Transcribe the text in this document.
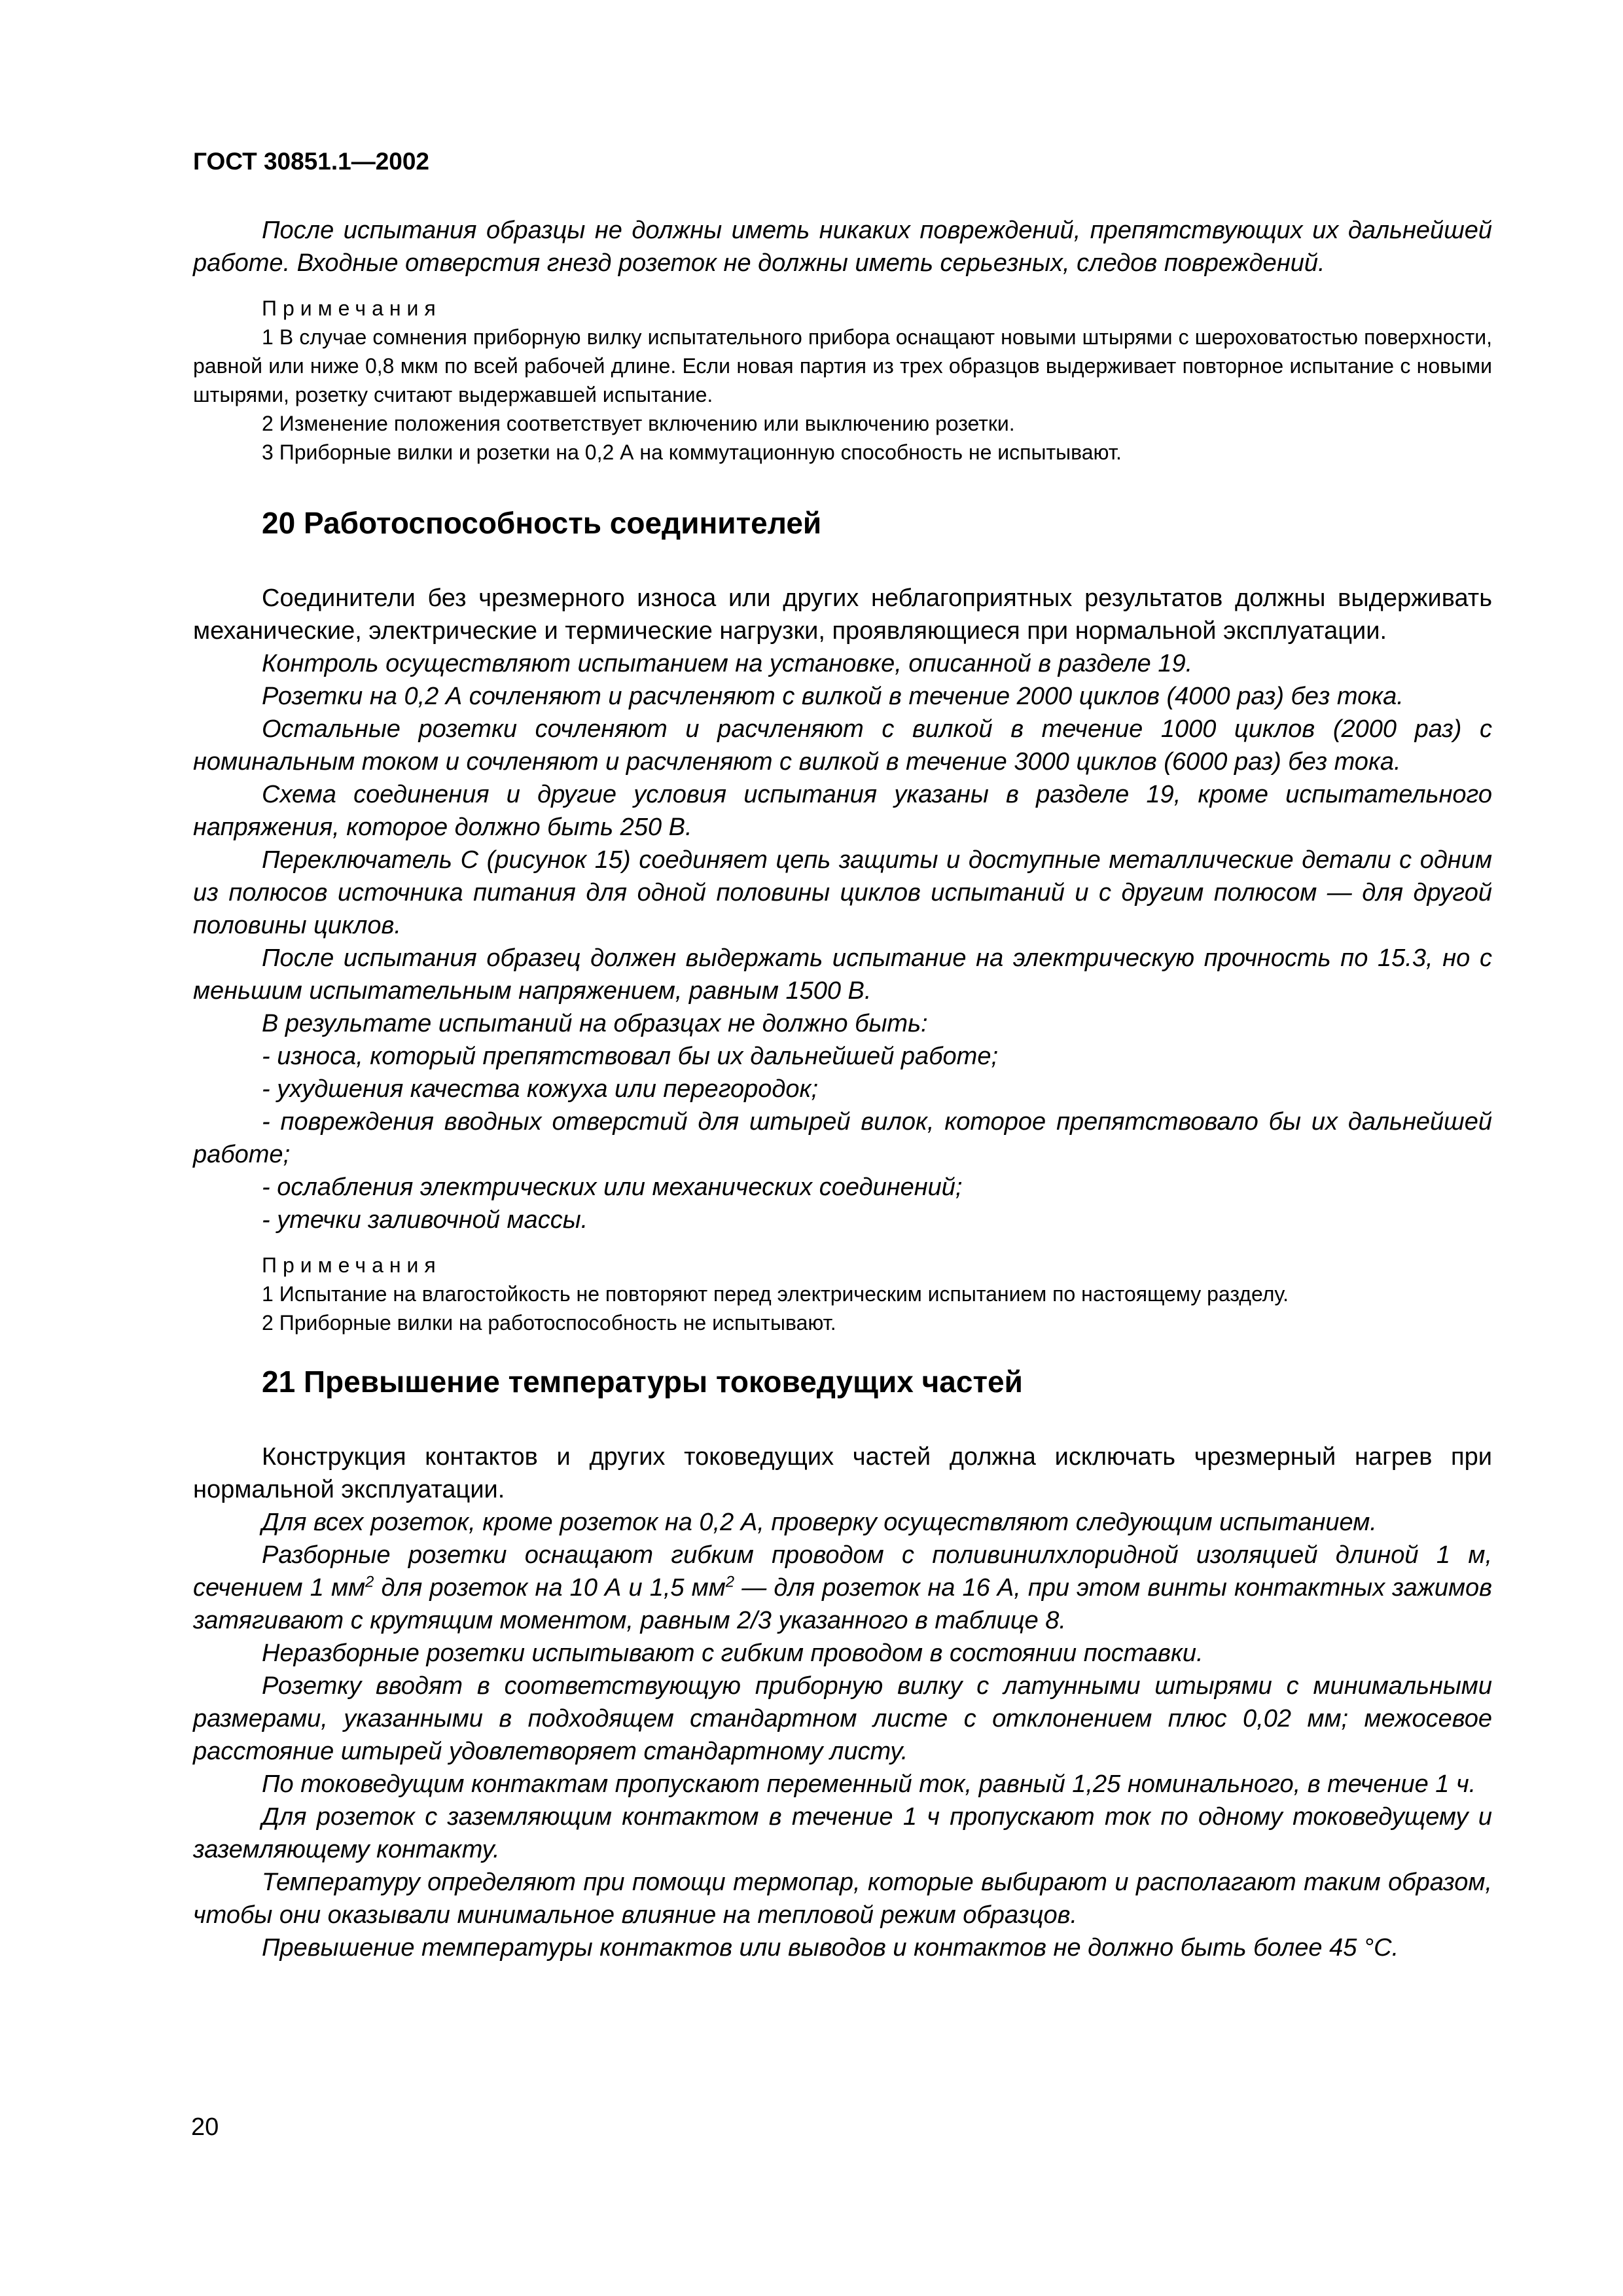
ГОСТ 30851.1—2002

После испытания образцы не должны иметь никаких повреждений, препятствующих их дальнейшей работе. Входные отверстия гнезд розеток не должны иметь серьезных, следов повреждений.

Примечания
1 В случае сомнения приборную вилку испытательного прибора оснащают новыми штырями с шероховатостью поверхности, равной или ниже 0,8 мкм по всей рабочей длине. Если новая партия из трех образцов выдерживает повторное испытание с новыми штырями, розетку считают выдержавшей испытание.
2 Изменение положения соответствует включению или выключению розетки.
3 Приборные вилки и розетки на 0,2 А на коммутационную способность не испытывают.
20 Работоспособность соединителей

Соединители без чрезмерного износа или других неблагоприятных результатов должны выдерживать механические, электрические и термические нагрузки, проявляющиеся при нормальной эксплуатации.

Контроль осуществляют испытанием на установке, описанной в разделе 19.

Розетки на 0,2 А сочленяют и расчленяют с вилкой в течение 2000 циклов (4000 раз) без тока.

Остальные розетки сочленяют и расчленяют с вилкой в течение 1000 циклов (2000 раз) с номинальным током и сочленяют и расчленяют с вилкой в течение 3000 циклов (6000 раз) без тока.

Схема соединения и другие условия испытания указаны в разделе 19, кроме испытательного напряжения, которое должно быть 250 В.

Переключатель С (рисунок 15) соединяет цепь защиты и доступные металлические детали с одним из полюсов источника питания для одной половины циклов испытаний и с другим полюсом — для другой половины циклов.

После испытания образец должен выдержать испытание на электрическую прочность по 15.3, но с меньшим испытательным напряжением, равным 1500 В.

В результате испытаний на образцах не должно быть:

- износа, который препятствовал бы их дальнейшей работе;

- ухудшения качества кожуха или перегородок;

- повреждения вводных отверстий для штырей вилок, которое препятствовало бы их дальнейшей работе;

- ослабления электрических или механических соединений;

- утечки заливочной массы.

Примечания
1 Испытание на влагостойкость не повторяют перед электрическим испытанием по настоящему разделу.
2 Приборные вилки на работоспособность не испытывают.
21 Превышение температуры токоведущих частей

Конструкция контактов и других токоведущих частей должна исключать чрезмерный нагрев при нормальной эксплуатации.

Для всех розеток, кроме розеток на 0,2 А, проверку осуществляют следующим испытанием.

Разборные розетки оснащают гибким проводом с поливинилхлоридной изоляцией длиной 1 м, сечением 1 $мм^2$ для розеток на 10 А и 1,5 $мм^2$ — для розеток на 16 А, при этом винты контактных зажимов затягивают с крутящим моментом, равным 2/3 указанного в таблице 8.

Неразборные розетки испытывают с гибким проводом в состоянии поставки.

Розетку вводят в соответствующую приборную вилку с латунными штырями с минимальными размерами, указанными в подходящем стандартном листе с отклонением плюс 0,02 мм; межосевое расстояние штырей удовлетворяет стандартному листу.

По токоведущим контактам пропускают переменный ток, равный 1,25 номинального, в течение 1 ч.

Для розеток с заземляющим контактом в течение 1 ч пропускают ток по одному токоведущему и заземляющему контакту.

Температуру определяют при помощи термопар, которые выбирают и располагают таким образом, чтобы они оказывали минимальное влияние на тепловой режим образцов.

Превышение температуры контактов или выводов и контактов не должно быть более 45 °С.

20
